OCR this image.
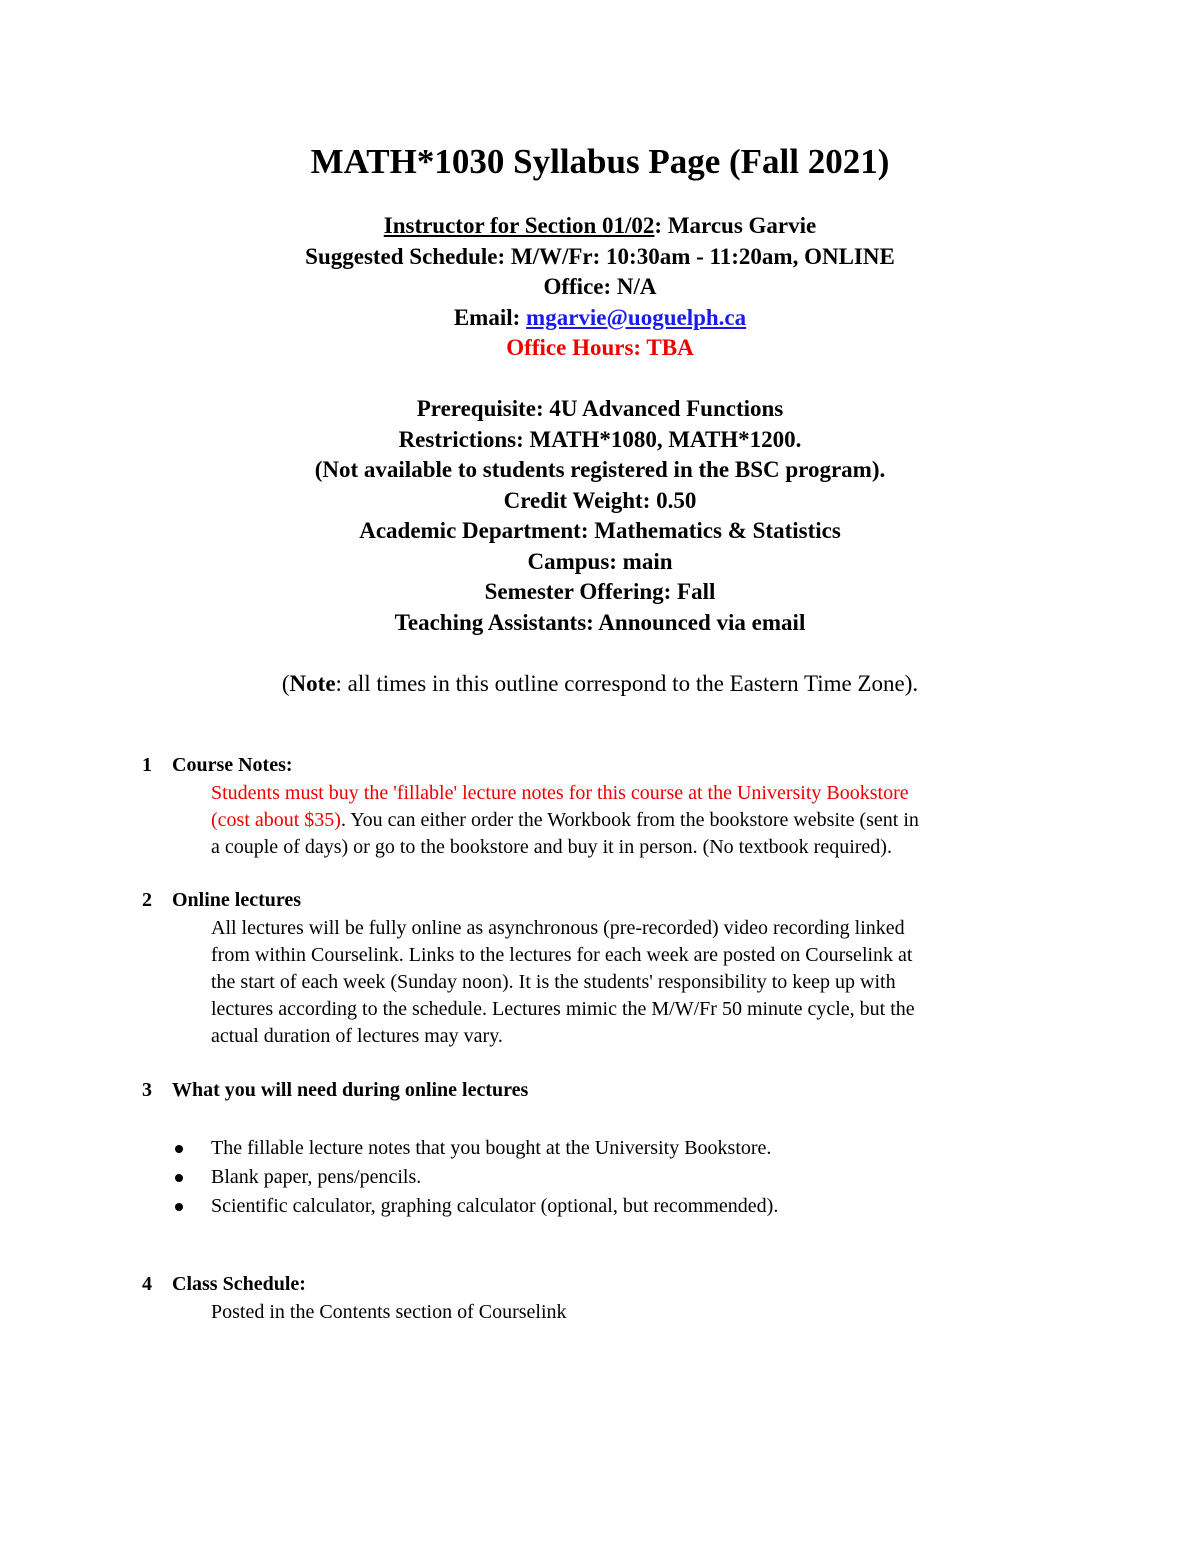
MATH*1030 Syllabus Page (Fall 2021)
Instructor for Section 01/02: Marcus Garvie
Suggested Schedule: M/W/Fr: 10:30am - 11:20am, ONLINE
Office: N/A
Email: mgarvie@uoguelph.ca
Office Hours: TBA
Prerequisite: 4U Advanced Functions
Restrictions: MATH*1080, MATH*1200.
(Not available to students registered in the BSC program).
Credit Weight: 0.50
Academic Department: Mathematics & Statistics
Campus: main
Semester Offering: Fall
Teaching Assistants: Announced via email
(Note: all times in this outline correspond to the Eastern Time Zone).
1 Course Notes:
Students must buy the 'fillable' lecture notes for this course at the University Bookstore
(cost about $35). You can either order the Workbook from the bookstore website (sent in
a couple of days) or go to the bookstore and buy it in person. (No textbook required).
2 Online lectures
All lectures will be fully online as asynchronous (pre-recorded) video recording linked
from within Courselink. Links to the lectures for each week are posted on Courselink at
the start of each week (Sunday noon). It is the students' responsibility to keep up with
lectures according to the schedule. Lectures mimic the M/W/Fr 50 minute cycle, but the
actual duration of lectures may vary.
3 What you will need during online lectures
The fillable lecture notes that you bought at the University Bookstore.
Blank paper, pens/pencils.
Scientific calculator, graphing calculator (optional, but recommended).
4 Class Schedule:
Posted in the Contents section of Courselink
